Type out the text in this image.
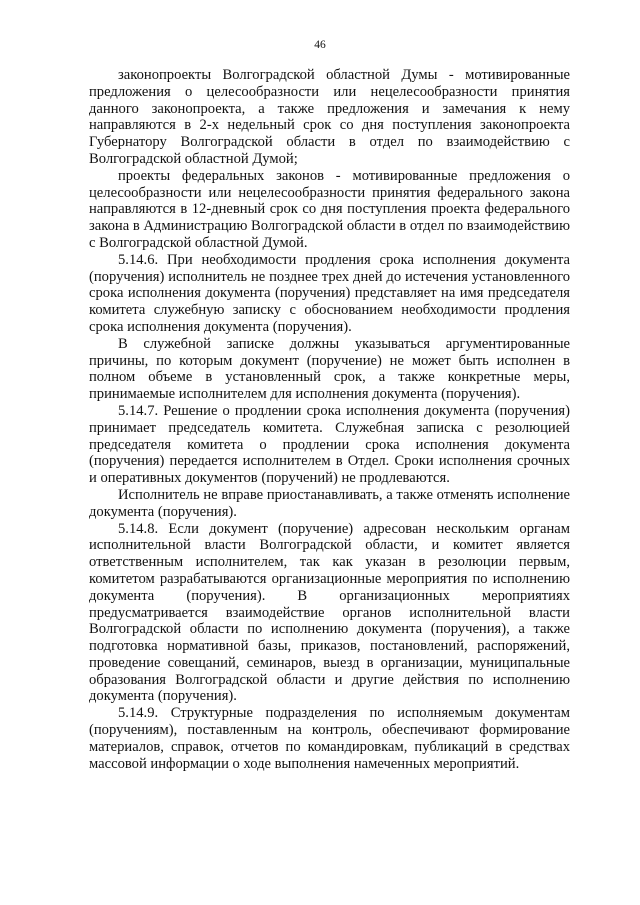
46

законопроекты Волгоградской областной Думы - мотивированные предложения о целесообразности или нецелесообразности принятия данного законопроекта, а также предложения и замечания к нему направляются в 2-х недельный срок со дня поступления законопроекта Губернатору Волгоградской области в отдел по взаимодействию с Волгоградской областной Думой;

проекты федеральных законов - мотивированные предложения о целесообразности или нецелесообразности принятия федерального закона направляются в 12-дневный срок со дня поступления проекта федерального закона в Администрацию Волгоградской области в отдел по взаимодействию с Волгоградской областной Думой.

5.14.6. При необходимости продления срока исполнения документа (поручения) исполнитель не позднее трех дней до истечения установленного срока исполнения документа (поручения) представляет на имя председателя комитета служебную записку с обоснованием необходимости продления срока исполнения документа (поручения).

В служебной записке должны указываться аргументированные причины, по которым документ (поручение) не может быть исполнен в полном объеме в установленный срок, а также конкретные меры, принимаемые исполнителем для исполнения документа (поручения).

5.14.7. Решение о продлении срока исполнения документа (поручения) принимает председатель комитета. Служебная записка с резолюцией председателя комитета о продлении срока исполнения документа (поручения) передается исполнителем в Отдел. Сроки исполнения срочных и оперативных документов (поручений) не продлеваются.

Исполнитель не вправе приостанавливать, а также отменять исполнение документа (поручения).

5.14.8. Если документ (поручение) адресован нескольким органам исполнительной власти Волгоградской области, и комитет является ответственным исполнителем, так как указан в резолюции первым, комитетом разрабатываются организационные мероприятия по исполнению документа (поручения). В организационных мероприятиях предусматривается взаимодействие органов исполнительной власти Волгоградской области по исполнению документа (поручения), а также подготовка нормативной базы, приказов, постановлений, распоряжений, проведение совещаний, семинаров, выезд в организации, муниципальные образования Волгоградской области и другие действия по исполнению документа (поручения).

5.14.9. Структурные подразделения по исполняемым документам (поручениям), поставленным на контроль, обеспечивают формирование материалов, справок, отчетов по командировкам, публикаций в средствах массовой информации о ходе выполнения намеченных мероприятий.
